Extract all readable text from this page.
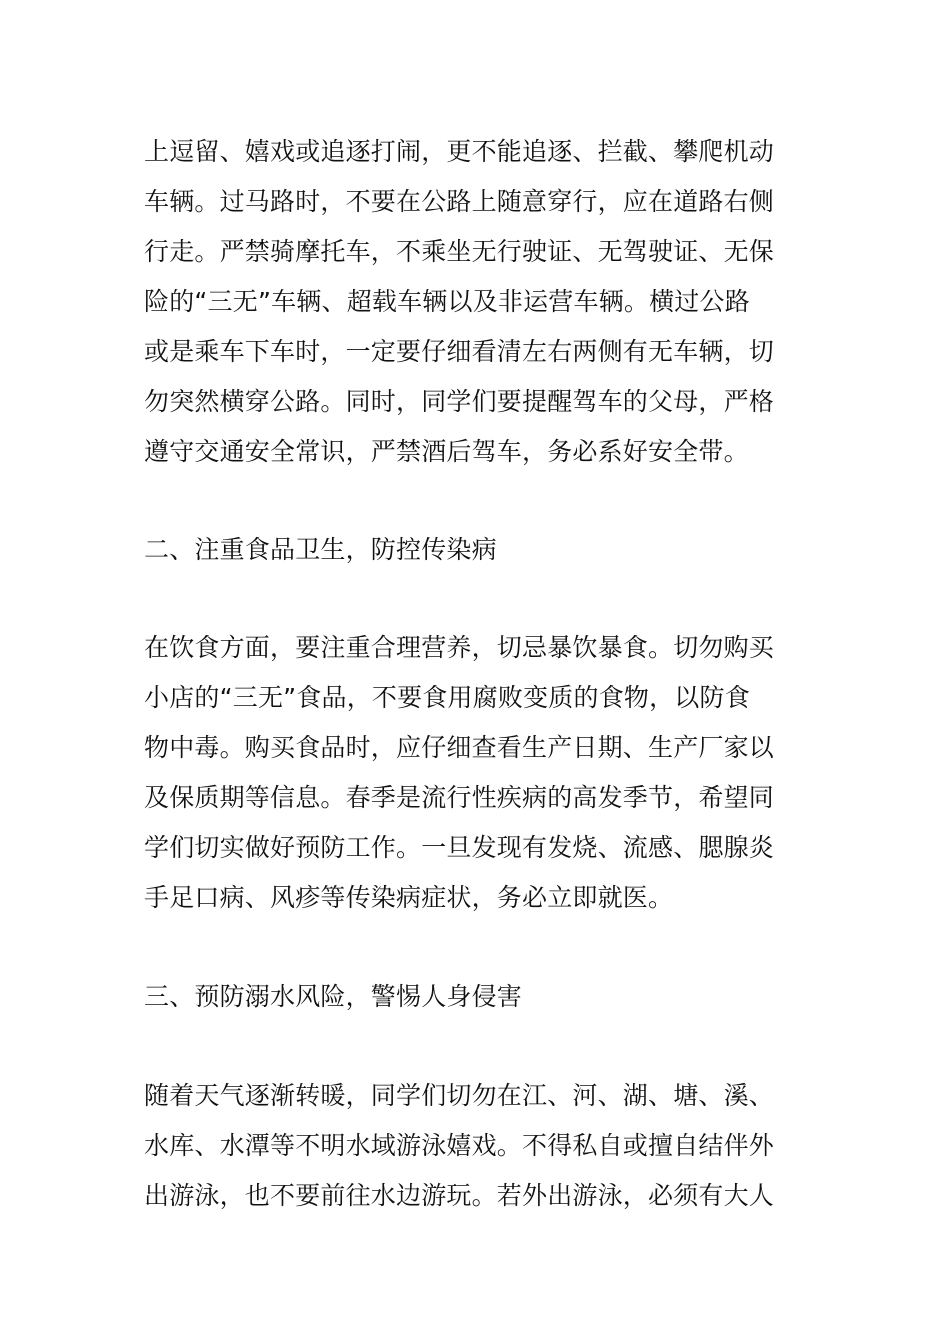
上逗留、嬉戏或追逐打闹，更不能追逐、拦截、攀爬机动
车辆。过马路时，不要在公路上随意穿行，应在道路右侧
行走。严禁骑摩托车，不乘坐无行驶证、无驾驶证、无保
险的“三无”车辆、超载车辆以及非运营车辆。横过公路
或是乘车下车时，一定要仔细看清左右两侧有无车辆，切
勿突然横穿公路。同时，同学们要提醒驾车的父母，严格
遵守交通安全常识，严禁酒后驾车，务必系好安全带。
二、注重食品卫生，防控传染病
在饮食方面，要注重合理营养，切忌暴饮暴食。切勿购买
小店的“三无”食品，不要食用腐败变质的食物，以防食
物中毒。购买食品时，应仔细查看生产日期、生产厂家以
及保质期等信息。春季是流行性疾病的高发季节，希望同
学们切实做好预防工作。一旦发现有发烧、流感、腮腺炎
手足口病、风疹等传染病症状，务必立即就医。
三、预防溺水风险，警惕人身侵害
随着天气逐渐转暖，同学们切勿在江、河、湖、塘、溪、
水库、水潭等不明水域游泳嬉戏。不得私自或擅自结伴外
出游泳，也不要前往水边游玩。若外出游泳，必须有大人
